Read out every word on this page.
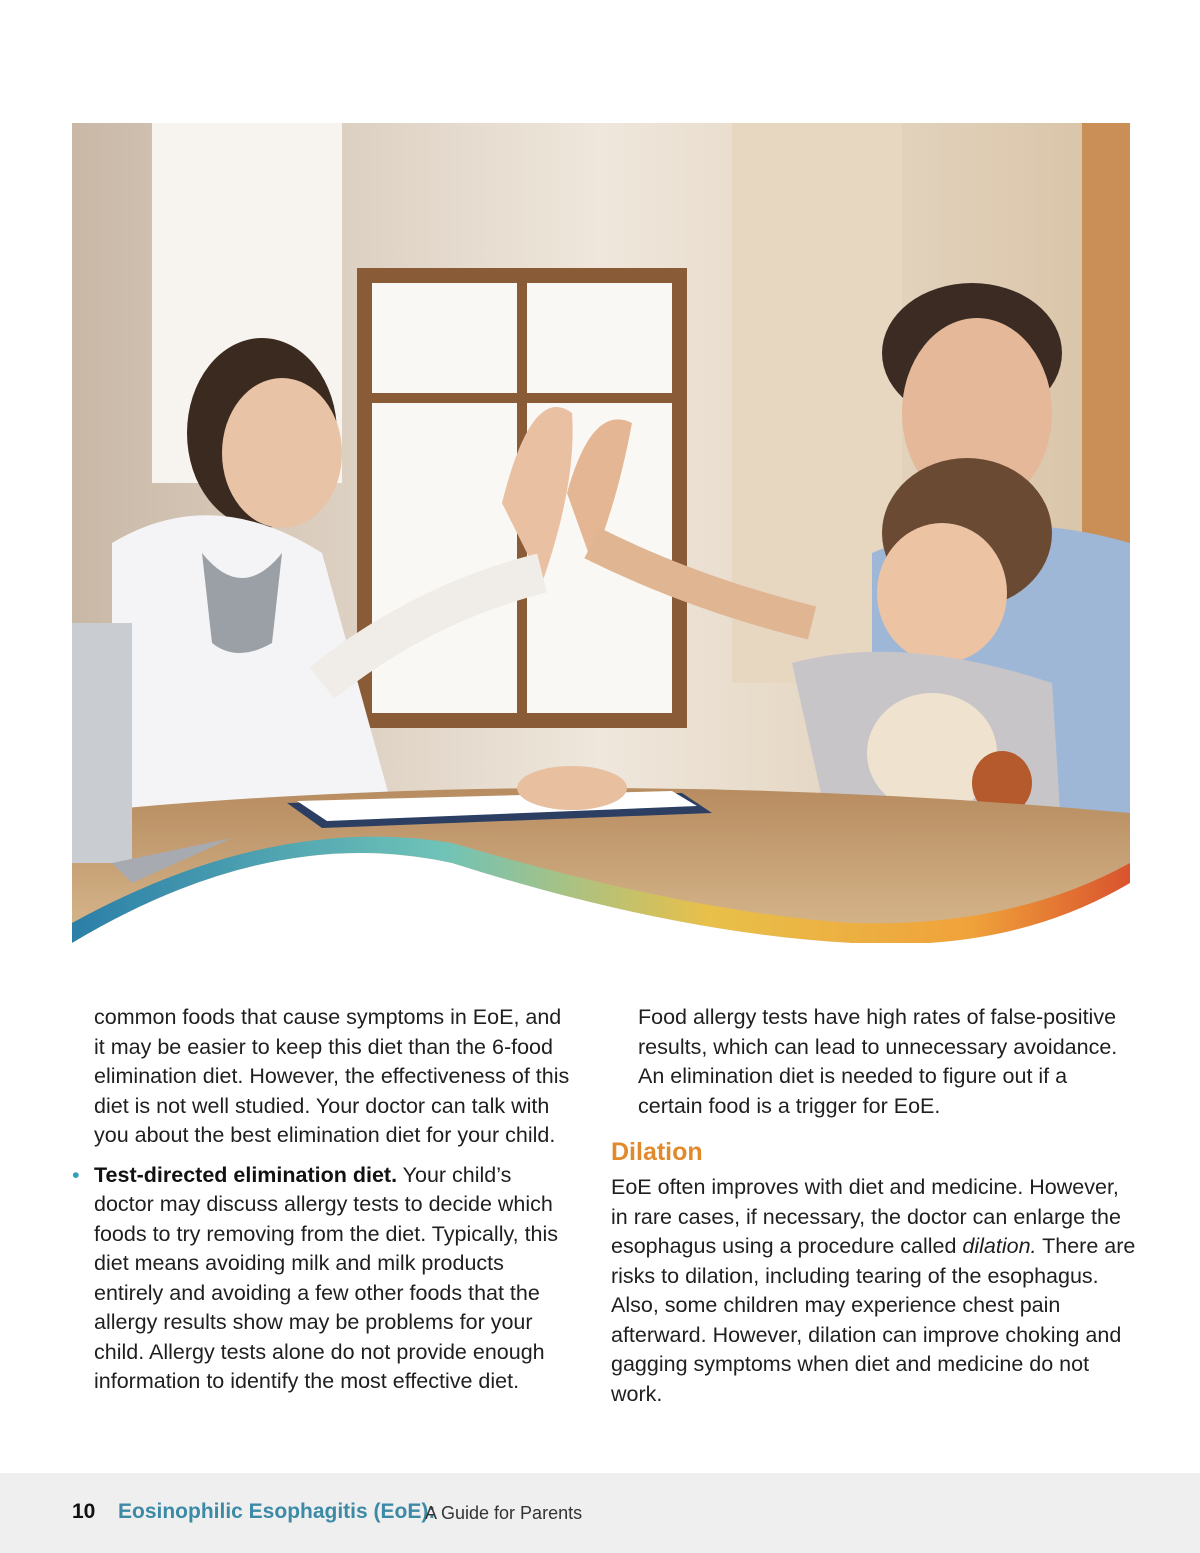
common foods that cause symptoms in EoE, and it may be easier to keep this diet than the 6-food elimination diet. However, the effectiveness of this diet is not well studied. Your doctor can talk with you about the best elimination diet for your child.

• Test-directed elimination diet. Your child’s doctor may discuss allergy tests to decide which foods to try removing from the diet. Typically, this diet means avoiding milk and milk products entirely and avoiding a few other foods that the allergy results show may be problems for your child. Allergy tests alone do not provide enough information to identify the most effective diet.

Food allergy tests have high rates of false-positive results, which can lead to unnecessary avoidance. An elimination diet is needed to figure out if a certain food is a trigger for EoE.

Dilation

EoE often improves with diet and medicine. However, in rare cases, if necessary, the doctor can enlarge the esophagus using a procedure called dilation. There are risks to dilation, including tearing of the esophagus. Also, some children may experience chest pain afterward. However, dilation can improve choking and gagging symptoms when diet and medicine do not work.

10 Eosinophilic Esophagitis (EoE):
A Guide for Parents
